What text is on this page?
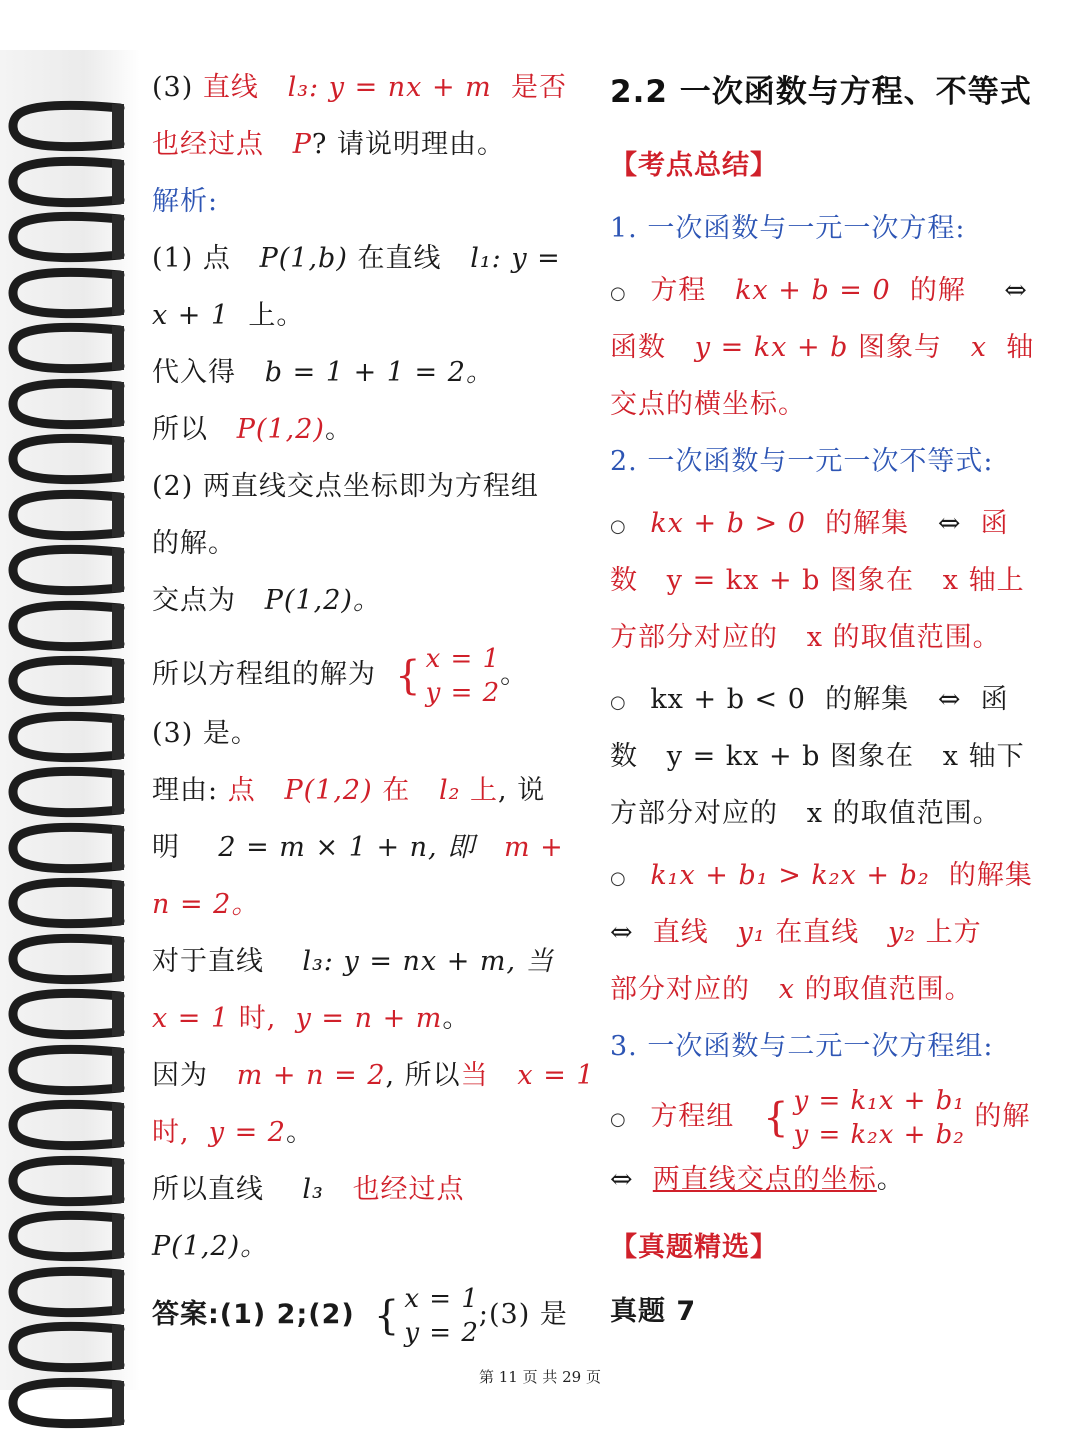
(3) 直线 l₃: y = nx + m 是否
也经过点 P? 请说明理由。
解析:
(1) 点 P(1,b) 在直线 l₁: y =
x + 1 上。
代入得 b = 1 + 1 = 2。
所以 P(1,2)。
(2) 两直线交点坐标即为方程组
的解。
交点为 P(1,2)。
所以方程组的解为 { x = 1
y = 2
。
(3) 是。
理由: 点 P(1,2) 在 l₂ 上, 说
明 2 = m × 1 + n, 即 m +
n = 2。
对于直线 l₃: y = nx + m, 当
x = 1 时, y = n + m。
因为 m + n = 2, 所以当 x = 1
时, y = 2。
所以直线 l₃ 也经过点
P(1,2)。
答案:(1) 2;(2) { x = 1
y = 2
;(3) 是
2.2 一次函数与方程、不等式
【考点总结】
1. 一次函数与一元一次方程:
○ 方程 kx + b = 0 的解 ⇔
函数 y = kx + b 图象与 x 轴
交点的横坐标。
2. 一次函数与一元一次不等式:
○ kx + b > 0 的解集 ⇔ 函
数 y = kx + b 图象在 x 轴上
方部分对应的 x 的取值范围。
○ kx + b < 0 的解集 ⇔ 函
数 y = kx + b 图象在 x 轴下
方部分对应的 x 的取值范围。
○ k₁x + b₁ > k₂x + b₂ 的解集
⇔ 直线 y₁ 在直线 y₂ 上方
部分对应的 x 的取值范围。
3. 一次函数与二元一次方程组:
○ 方程组 { y = k₁x + b₁
y = k₂x + b₂
的解
⇔ 两直线交点的坐标。
【真题精选】
真题 7
第 11 页 共 29 页
